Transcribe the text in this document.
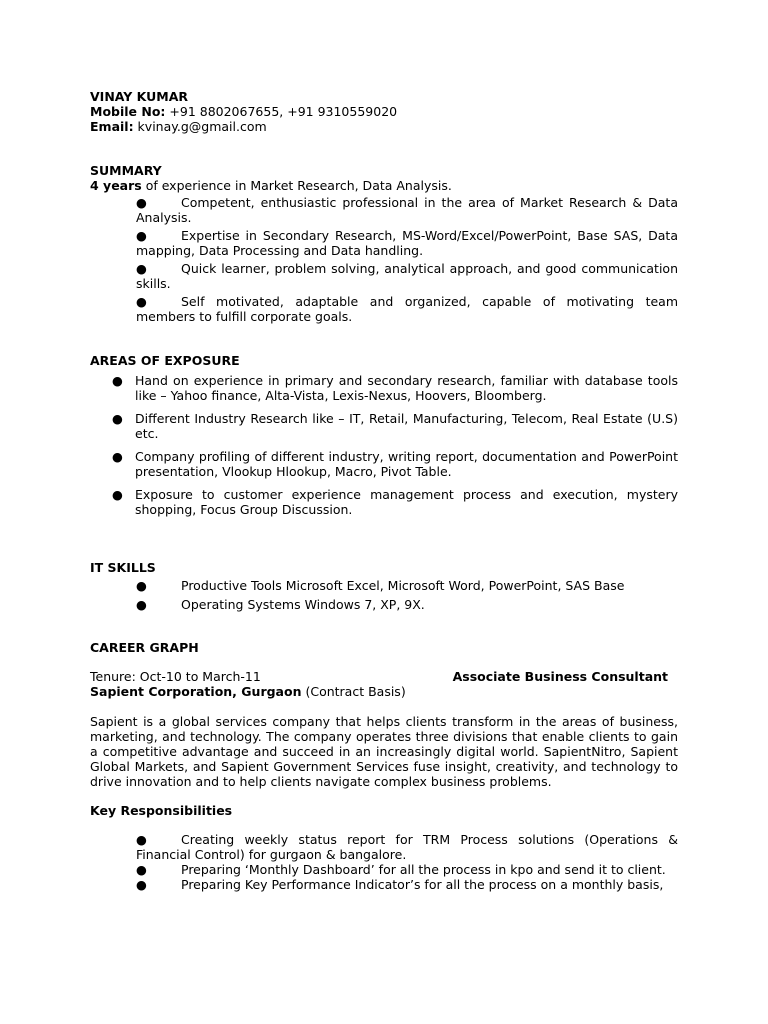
VINAY KUMAR
Mobile No: +91 8802067655, +91 9310559020
Email: kvinay.g@gmail.com
SUMMARY
4 years of experience in Market Research, Data Analysis.
●	Competent, enthusiastic professional in the area of Market Research & Data Analysis.
●	Expertise in Secondary Research, MS-Word/Excel/PowerPoint, Base SAS, Data mapping, Data Processing and Data handling.
●	Quick learner, problem solving, analytical approach, and good communication skills.
●	Self motivated, adaptable and organized, capable of motivating team members to fulfill corporate goals.
AREAS OF EXPOSURE
● Hand on experience in primary and secondary research, familiar with database tools like – Yahoo finance, Alta-Vista, Lexis-Nexus, Hoovers, Bloomberg.
● Different Industry Research like – IT, Retail, Manufacturing, Telecom, Real Estate (U.S) etc.
● Company profiling of different industry, writing report, documentation and PowerPoint presentation, Vlookup Hlookup, Macro, Pivot Table.
● Exposure to customer experience management process and execution, mystery shopping, Focus Group Discussion.
IT SKILLS
●	Productive Tools Microsoft Excel, Microsoft Word, PowerPoint, SAS Base
●	Operating Systems Windows 7, XP, 9X.
CAREER GRAPH
Tenure: Oct-10 to March-11	Associate Business Consultant
Sapient Corporation, Gurgaon (Contract Basis)
Sapient is a global services company that helps clients transform in the areas of business, marketing, and technology. The company operates three divisions that enable clients to gain a competitive advantage and succeed in an increasingly digital world. SapientNitro, Sapient Global Markets, and Sapient Government Services fuse insight, creativity, and technology to drive innovation and to help clients navigate complex business problems.
Key Responsibilities
●	Creating weekly status report for TRM Process solutions (Operations & Financial Control) for gurgaon & bangalore.
●	Preparing ‘Monthly Dashboard’ for all the process in kpo and send it to client.
●	Preparing Key Performance Indicator’s for all the process on a monthly basis,
